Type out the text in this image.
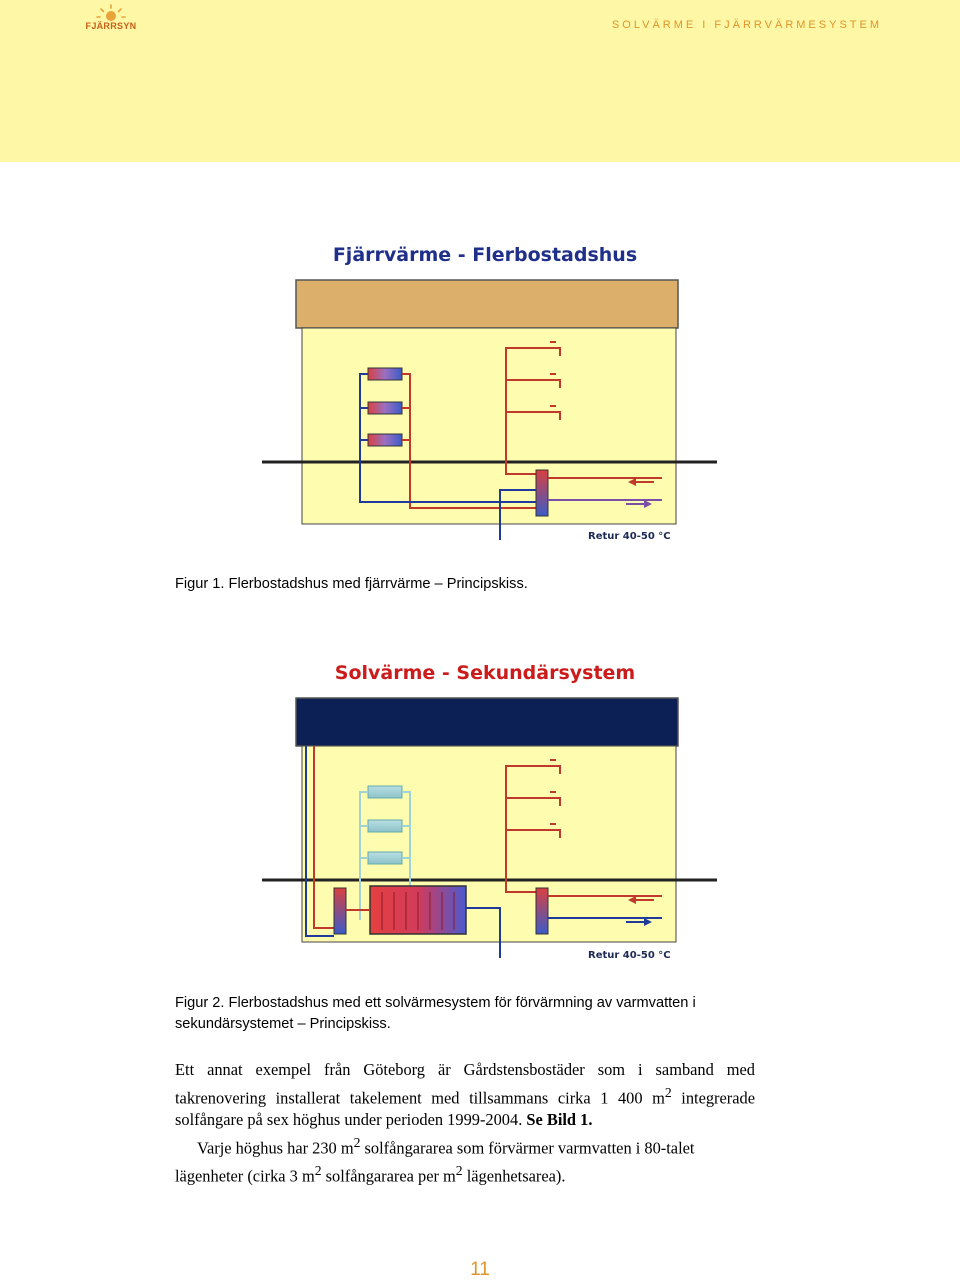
FJÄRRSYN	SOLVÄRME I FJÄRRVÄRMESYSTEM
Fjärrvärme - Flerbostadshus
Retur 40-50 °C
Figur 1. Flerbostadshus med fjärrvärme – Principskiss.
Solvärme - Sekundärsystem
Retur 40-50 °C
Figur 2. Flerbostadshus med ett solvärmesystem för förvärmning av varmvatten i sekundärsystemet – Principskiss.

Ett annat exempel från Göteborg är Gårdstensbostäder som i samband med takrenovering installerat takelement med tillsammans cirka 1 400 $m^2$ integrerade solfångare på sex höghus under perioden 1999-2004. Se Bild 1.

Varje höghus har 230 $m^2$ solfångararea som förvärmer varmvatten i 80-talet lägenheter (cirka 3 $m^2$ solfångararea per $m^2$ lägenhetsarea).

11
